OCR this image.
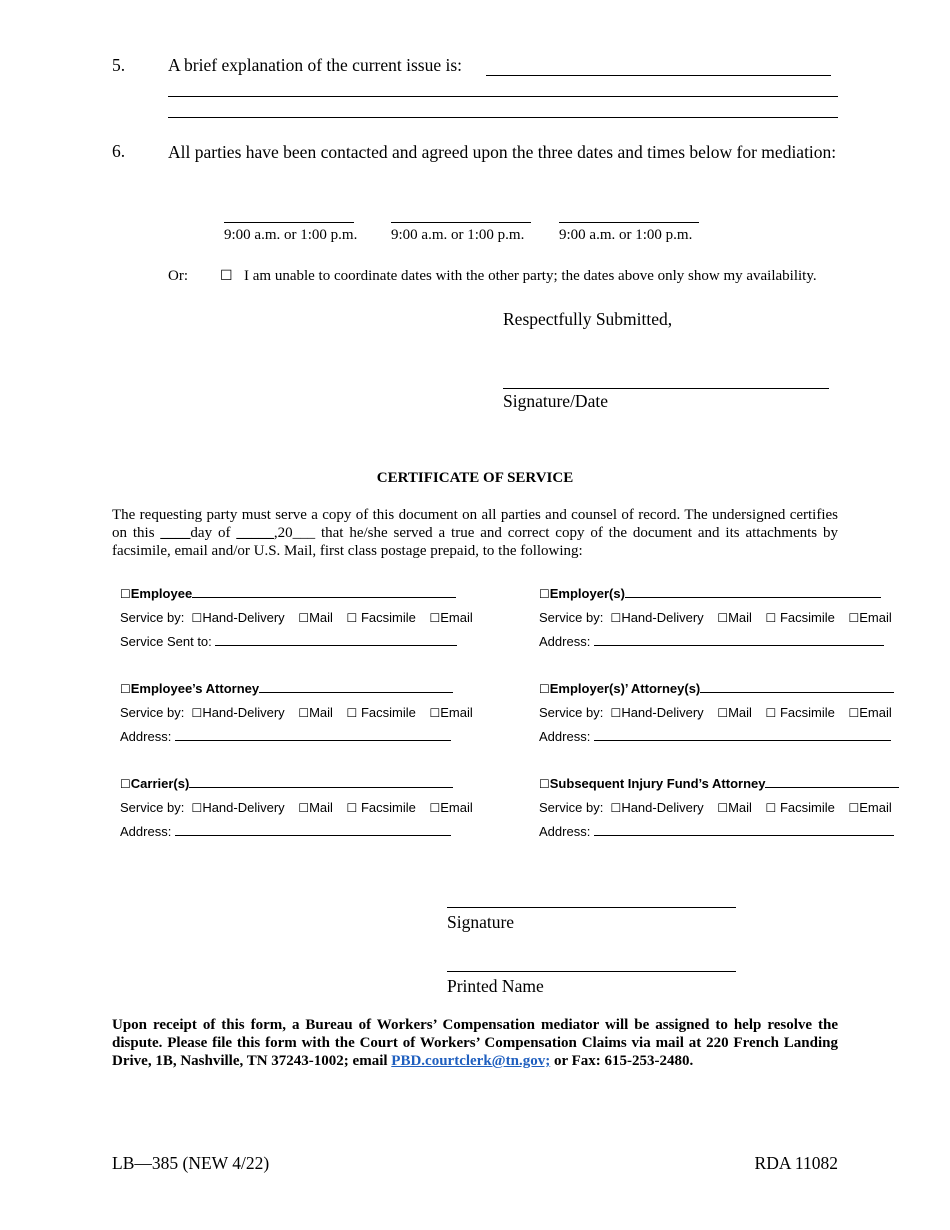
5. A brief explanation of the current issue is:
6. All parties have been contacted and agreed upon the three dates and times below for mediation:
9:00 a.m. or 1:00 p.m. 9:00 a.m. or 1:00 p.m. 9:00 a.m. or 1:00 p.m.
Or: ☐ I am unable to coordinate dates with the other party; the dates above only show my availability.
Respectfully Submitted,
Signature/Date
CERTIFICATE OF SERVICE
The requesting party must serve a copy of this document on all parties and counsel of record. The undersigned certifies on this ____day of _____,20___ that he/she served a true and correct copy of the document and its attachments by facsimile, email and/or U.S. Mail, first class postage prepaid, to the following:
☐Employee
Service by: ☐Hand-Delivery ☐Mail ☐ Facsimile ☐Email
Service Sent to:
☐Employer(s)
Service by: ☐Hand-Delivery ☐Mail ☐ Facsimile ☐Email
Address:
☐Employee’s Attorney
Service by: ☐Hand-Delivery ☐Mail ☐ Facsimile ☐Email
Address:
☐Employer(s)’ Attorney(s)
Service by: ☐Hand-Delivery ☐Mail ☐ Facsimile ☐Email
Address:
☐Carrier(s)
Service by: ☐Hand-Delivery ☐Mail ☐ Facsimile ☐Email
Address:
☐Subsequent Injury Fund’s Attorney
Service by: ☐Hand-Delivery ☐Mail ☐ Facsimile ☐Email
Address:
Signature
Printed Name
Upon receipt of this form, a Bureau of Workers’ Compensation mediator will be assigned to help resolve the dispute. Please file this form with the Court of Workers’ Compensation Claims via mail at 220 French Landing Drive, 1B, Nashville, TN 37243-1002; email PBD.courtclerk@tn.gov; or Fax: 615-253-2480.
LB—385 (NEW 4/22)	RDA 11082
